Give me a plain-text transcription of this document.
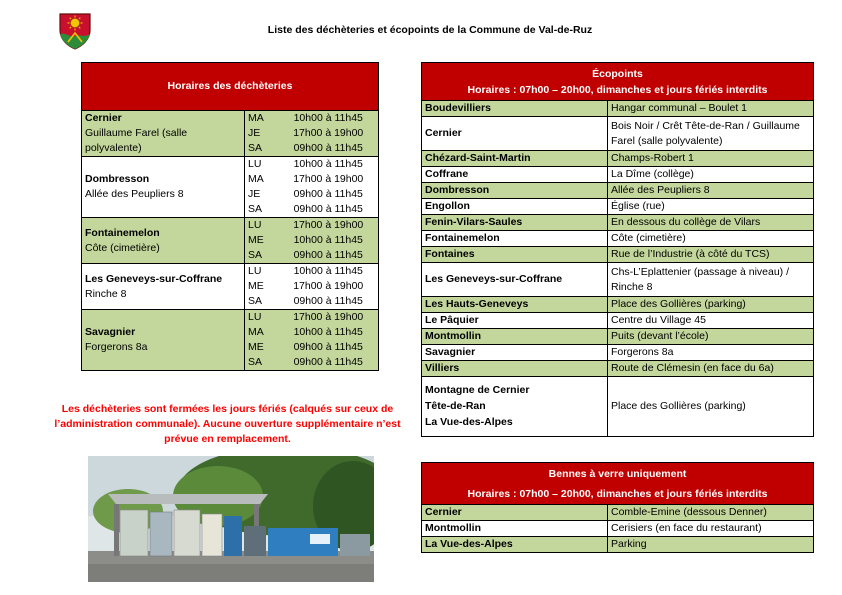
Liste des déchèteries et écopoints de la Commune de Val-de-Ruz
Horaires des déchèteries		

Cernier
Guillaume Farel (salle polyvalente)	MA	10h00 à 11h45
	JE	17h00 à 19h00
	SA	09h00 à 11h45

Dombresson
Allée des Peupliers 8	LU	10h00 à 11h45
	MA	17h00 à 19h00
	JE	09h00 à 11h45
	SA	09h00 à 11h45

Fontainemelon
Côte (cimetière)	LU	17h00 à 19h00
	ME	10h00 à 11h45
	SA	09h00 à 11h45

Les Geneveys-sur-Coffrane
Rinche 8	LU	10h00 à 11h45
	ME	17h00 à 19h00
	SA	09h00 à 11h45

Savagnier
Forgerons 8a	LU	17h00 à 19h00
	MA	10h00 à 11h45
	ME	09h00 à 11h45
	SA	09h00 à 11h45
Les déchèteries sont fermées les jours fériés (calqués sur ceux de l’administration communale). Aucune ouverture supplémentaire n’est prévue en remplacement.
Écopoints
Horaires : 07h00 – 20h00, dimanches et jours fériés interdits	

Boudevilliers	Hangar communal – Boulet 1
Cernier	Bois Noir / Crêt Tête-de-Ran / Guillaume Farel (salle polyvalente)
Chézard-Saint-Martin	Champs-Robert 1
Coffrane	La Dîme (collège)
Dombresson	Allée des Peupliers 8
Engollon	Église (rue)
Fenin-Vilars-Saules	En dessous du collège de Vilars
Fontainemelon	Côte (cimetière)
Fontaines	Rue de l’Industrie (à côté du TCS)
Les Geneveys-sur-Coffrane	Chs-L’Eplattenier (passage à niveau) / Rinche 8
Les Hauts-Geneveys	Place des Gollières (parking)
Le Pâquier	Centre du Village 45
Montmollin	Puits (devant l’école)
Savagnier	Forgerons 8a
Villiers	Route de Clémesin (en face du 6a)

Montagne de Cernier
Tête-de-Ran
La Vue-des-Alpes	Place des Gollières (parking)
Bennes à verre uniquement
Horaires : 07h00 – 20h00, dimanches et jours fériés interdits	

Cernier	Comble-Emine (dessous Denner)
Montmollin	Cerisiers (en face du restaurant)
La Vue-des-Alpes	Parking
